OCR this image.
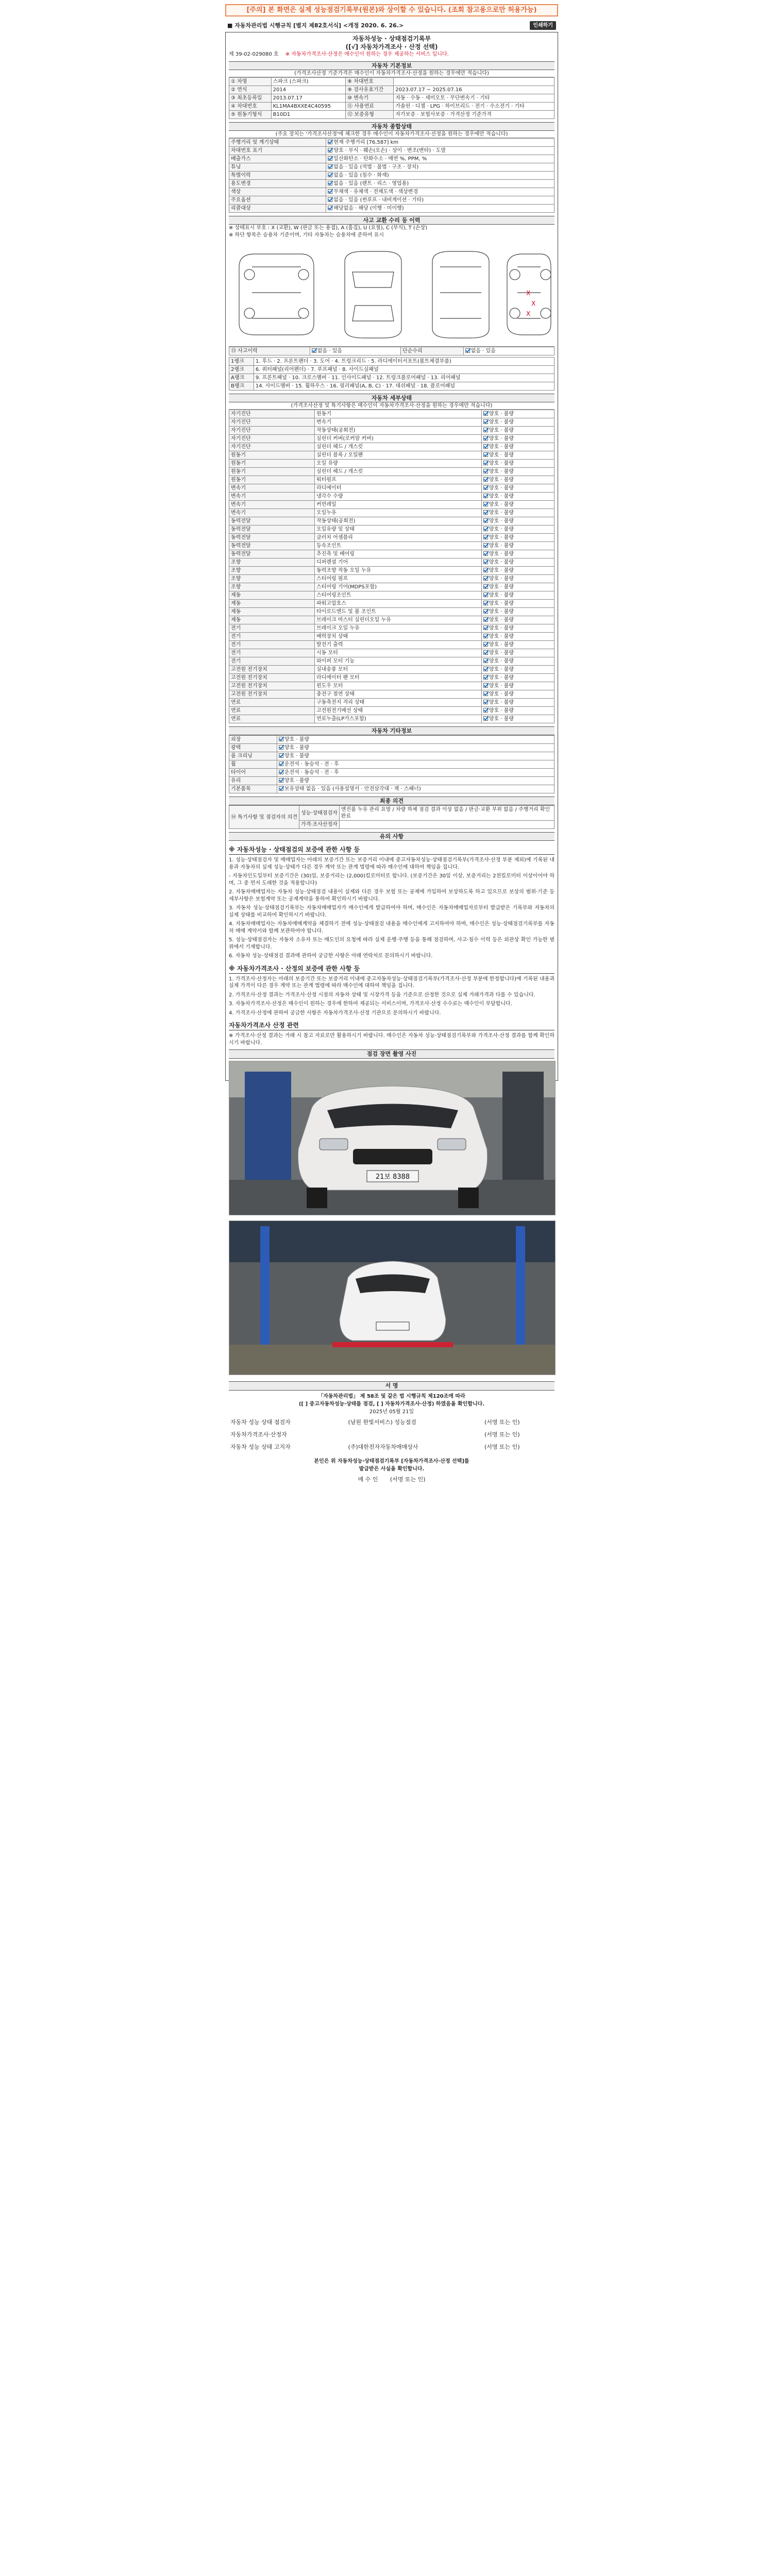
[주의] 본 화면은 실제 성능점검기록부(원본)와 상이할 수 있습니다. (조회 참고용으로만 허용가능)
■ 자동차관리법 시행규칙 [별지 제82호서식] <개정 2020. 6. 26.>	인쇄하기
자동차성능 · 상태점검기록부
([√] 자동차가격조사 · 산정 선택)
제 39-02-029080 호 ※ 자동차가격조사·산정은 매수인이 원하는 경우 제공하는 서비스 입니다.
자동차 기본정보
(가격조사산정 기준가격은 매수인이 자동차가격조사·산정을 원하는 경우에만 적습니다)
① 차명	스파크 (스파크)	⑧ 차대번호	
② 연식	2014	⑨ 검사유효기간	2023.07.17 ~ 2025.07.16
③ 최초등록일	2013.07.17	⑩ 변속기	자동 · 수동 · 세미오토 · 무단변속기 · 기타
④ 차대번호	KL1MA4BXXE4C40595	⑪ 사용연료	가솔린 · 디젤 · LPG · 하이브리드 · 전기 · 수소전기 · 기타
⑤ 원동기형식	B10D1	⑫ 보증유형	자가보증 · 보험사보증 · 가격산정 기준가격
자동차 종합상태
(주요 장치는 '가격조사산정'에 체크한 경우 매수인이 자동차가격조사·산정을 원하는 경우에만 적습니다)
주행거리 및 계기상태	현재 주행거리 [76,587] km
차대번호 표기	양호 · 부식 · 훼손(오손) · 상이 · 변조(변타) · 도말
배출가스	일산화탄소 · 탄화수소 · 매연 %, PPM, %
튜닝	없음 · 있음 (적법 · 불법 · 구조 · 장치)
특별이력	없음 · 있음 (침수 · 화재)
용도변경	없음 · 있음 (렌트 · 리스 · 영업용)
색상	무채색 · 유채색 · 전체도색 · 색상변경
주요옵션	없음 · 있음 (썬루프 · 내비게이션 · 기타)
리콜대상	해당없음 · 해당 (이행 · 미이행)
사고 교환 수리 등 이력
※ 상태표시 부호 : X (교환), W (판금 또는 용접), A (흠집), U (요철), C (부식), T (손상)
※ 하단 항목은 승용차 기준이며, 기타 자동차는 승용차에 준하여 표시
X
X
X
⑬ 사고이력	없음 · 있음	단순수리	없음 · 있음
1랭크	1. 후드 · 2. 프론트펜더 · 3. 도어 · 4. 트렁크리드 · 5. 라디에이터서포트(볼트체결부품)
2랭크	6. 쿼터패널(리어펜더) · 7. 루프패널 · 8. 사이드실패널
A랭크	9. 프론트패널 · 10. 크로스멤버 · 11. 인사이드패널 · 12. 트렁크플로어패널 · 13. 리어패널
B랭크	14. 사이드멤버 · 15. 휠하우스 · 16. 필러패널(A, B, C) · 17. 대쉬패널 · 18. 플로어패널
자동차 세부상태
(가격조사산정 및 특기사항은 매수인이 자동차가격조사·산정을 원하는 경우에만 적습니다)
자기진단	원동기	양호 · 불량
자기진단	변속기	양호 · 불량
자기진단	작동상태(공회전)	양호 · 불량
자기진단	실린더 커버(로커암 커버)	양호 · 불량
자기진단	실린더 헤드 / 개스킷	양호 · 불량
원동기	실린더 블록 / 오일팬	양호 · 불량
원동기	오일 유량	양호 · 불량
원동기	실린더 헤드 / 개스킷	양호 · 불량
원동기	워터펌프	양호 · 불량
변속기	라디에이터	양호 · 불량
변속기	냉각수 수량	양호 · 불량
변속기	커먼레일	양호 · 불량
변속기	오일누유	양호 · 불량
동력전달	작동상태(공회전)	양호 · 불량
동력전달	오일유량 및 상태	양호 · 불량
동력전달	클러치 어셈블리	양호 · 불량
동력전달	등속조인트	양호 · 불량
동력전달	추진축 및 베어링	양호 · 불량
조향	디퍼렌셜 기어	양호 · 불량
조향	동력조향 작동 오일 누유	양호 · 불량
조향	스티어링 펌프	양호 · 불량
조향	스티어링 기어(MDPS포함)	양호 · 불량
제동	스티어링조인트	양호 · 불량
제동	파워고압호스	양호 · 불량
제동	타이로드엔드 및 볼 조인트	양호 · 불량
제동	브레이크 마스터 실린더오일 누유	양호 · 불량
전기	브레이크 오일 누유	양호 · 불량
전기	배력장치 상태	양호 · 불량
전기	발전기 출력	양호 · 불량
전기	시동 모터	양호 · 불량
전기	와이퍼 모터 기능	양호 · 불량
고전원 전기장치	실내송풍 모터	양호 · 불량
고전원 전기장치	라디에이터 팬 모터	양호 · 불량
고전원 전기장치	윈도우 모터	양호 · 불량
고전원 전기장치	충전구 절연 상태	양호 · 불량
연료	구동축전지 격리 상태	양호 · 불량
연료	고전원전기배선 상태	양호 · 불량
연료	연료누출(LP가스포함)	양호 · 불량
자동차 기타정보
외장	양호 · 불량
광택	양호 · 불량
룸 크리닝	양호 · 불량
휠	운전석 · 동승석 · 전 · 후
타이어	운전석 · 동승석 · 전 · 후
유리	양호 · 불량
기본품목	보유상태 없음 · 있음 (사용설명서 · 안전삼각대 · 잭 · 스패너)
최종 의견
⑭ 특기사항 및 점검자의 의견	성능·상태점검자	엔진룸 누유 관리 요망 / 차량 하체 점검 결과 이상 없음 / 판금·교환 부위 없음 / 주행거리 확인 완료
	가격·조사산정자	
유의 사항
※ 자동차성능 · 상태점검의 보증에 관한 사항 등
1. 성능·상태점검자 및 매매업자는 아래의 보증기간 또는 보증거리 이내에 중고자동차성능·상태점검기록부(가격조사·산정 부분 제외)에 기록된 내용과 자동차의 실제 성능·상태가 다른 경우 계약 또는 관계 법령에 따라 매수인에 대하여 책임을 집니다.
- 자동차인도일부터 보증기간은 (30)일, 보증거리는 (2,000)킬로미터로 합니다. (보증기간은 30일 이상, 보증거리는 2천킬로미터 이상이어야 하며, 그 중 먼저 도래한 것을 적용합니다)
2. 자동차매매업자는 자동차 성능·상태점검 내용이 실제와 다른 경우 보험 또는 공제에 가입하여 보상하도록 하고 있으므로 보상의 범위·기준 등 세부사항은 보험계약 또는 공제계약을 통하여 확인하시기 바랍니다.
3. 자동차 성능·상태점검기록부는 자동차매매업자가 매수인에게 발급하여야 하며, 매수인은 자동차매매업자로부터 발급받은 기록부와 자동차의 실제 상태를 비교하여 확인하시기 바랍니다.
4. 자동차매매업자는 자동차매매계약을 체결하기 전에 성능·상태점검 내용을 매수인에게 고지하여야 하며, 매수인은 성능·상태점검기록부를 자동차 매매 계약서와 함께 보관하여야 합니다.
5. 성능·상태점검자는 자동차 소유자 또는 매도인의 요청에 따라 실제 운행·주행 등을 통해 점검하며, 사고·침수 이력 등은 외관상 확인 가능한 범위에서 기재합니다.
6. 자동차 성능·상태점검 결과에 관하여 궁금한 사항은 아래 연락처로 문의하시기 바랍니다.
※ 자동차가격조사 · 산정의 보증에 관한 사항 등
1. 가격조사·산정자는 아래의 보증기간 또는 보증거리 이내에 중고자동차성능·상태점검기록부(가격조사·산정 부분에 한정합니다)에 기록된 내용과 실제 가격이 다른 경우 계약 또는 관계 법령에 따라 매수인에 대하여 책임을 집니다.
2. 가격조사·산정 결과는 가격조사·산정 시점의 자동차 상태 및 시장가격 등을 기준으로 산정한 것으로 실제 거래가격과 다를 수 있습니다.
3. 자동차가격조사·산정은 매수인이 원하는 경우에 한하여 제공되는 서비스이며, 가격조사·산정 수수료는 매수인이 부담합니다.
4. 가격조사·산정에 관하여 궁금한 사항은 자동차가격조사·산정 기관으로 문의하시기 바랍니다.
자동차가격조사 산정 관련
※ 가격조사·산정 결과는 거래 시 참고 자료로만 활용하시기 바랍니다. 매수인은 자동차 성능·상태점검기록부와 가격조사·산정 결과를 함께 확인하시기 바랍니다.
점검 장면 촬영 사진
21보 8388
서 명
「자동차관리법」 제 58조 및 같은 법 시행규칙 제120조에 따라
([ ] 중고자동차성능·상태를 점검, [ ] 자동차가격조사·산정) 하였음을 확인합니다.
2025년 05월 21일
자동차 성능 상태 점검자	(남원 한빛서비스) 성능점검	(서명 또는 인)
자동차가격조사·산정자		(서명 또는 인)
자동차 성능 상태 고지자	(주)대한전자자동차매매상사	(서명 또는 인)
본인은 위 자동차성능·상태점검기록부 [자동차가격조사·산정 선택]를
발급받은 사실을 확인합니다.
매 수 인 (서명 또는 인)
